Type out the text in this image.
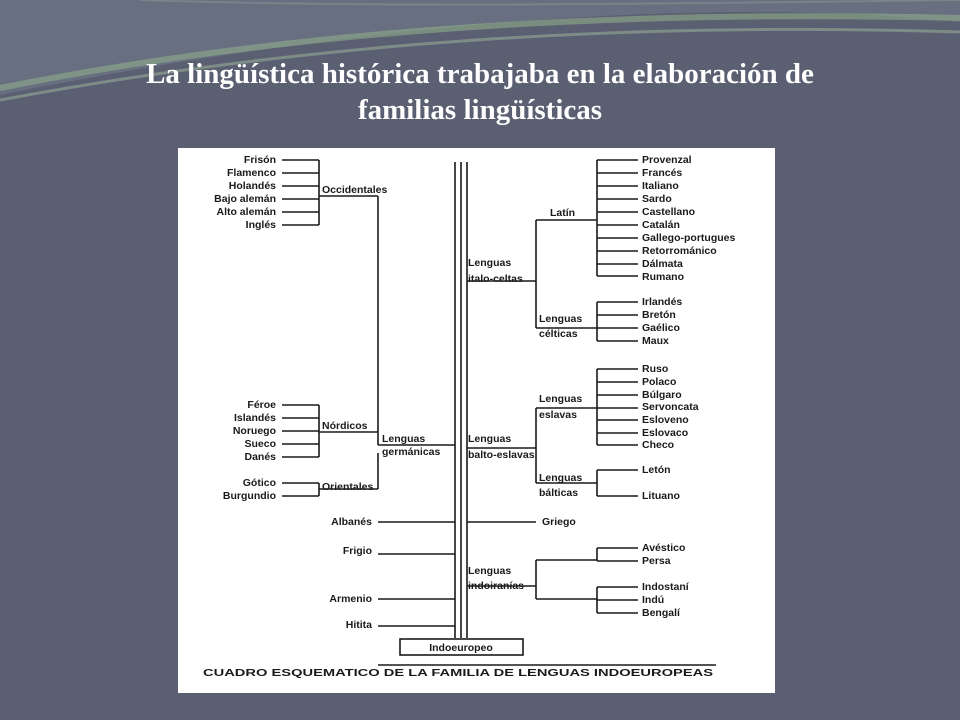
La lingüística histórica trabajaba en la elaboración de
familias lingüísticas
Frisón
Flamenco
Holandés
Bajo alemán
Alto alemán
Inglés
Occidentales
Féroe
Islandés
Noruego
Sueco
Danés
Nórdicos
Gótico
Burgundio
Orientales
Lenguas
germánicas
Albanés
Frigio
Armenio
Hitita
Lenguas
italo-celtas
Latín
Provenzal
Francés
Italiano
Sardo
Castellano
Catalán
Gallego-portugues
Retorrománico
Dálmata
Rumano
Lenguas
célticas
Irlandés
Bretón
Gaélico
Maux
Lenguas
balto-eslavas
Lenguas
eslavas
Ruso
Polaco
Búlgaro
Servoncata
Esloveno
Eslovaco
Checo
Lenguas
bálticas
Letón
Lituano
Griego
Lenguas
indoiranías
Avéstico
Persa
Indostaní
Indú
Bengalí
Indoeuropeo
CUADRO ESQUEMATICO DE LA FAMILIA DE LENGUAS INDOEUROPEAS
